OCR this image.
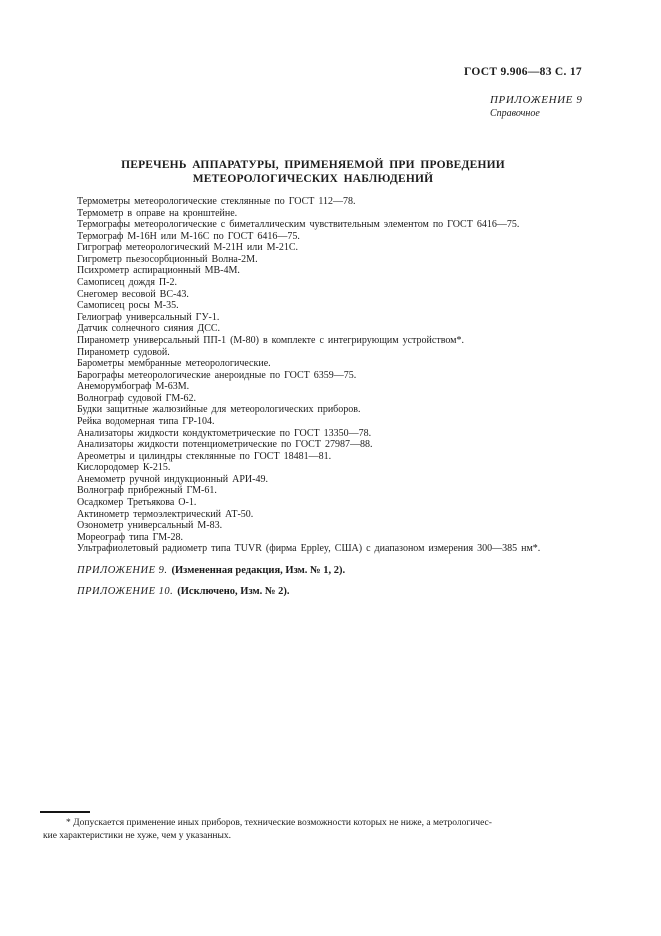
ГОСТ 9.906—83 С. 17
ПРИЛОЖЕНИЕ 9
Справочное
ПЕРЕЧЕНЬ АППАРАТУРЫ, ПРИМЕНЯЕМОЙ ПРИ ПРОВЕДЕНИИ
МЕТЕОРОЛОГИЧЕСКИХ НАБЛЮДЕНИЙ
Термометры метеорологические стеклянные по ГОСТ 112—78.
Термометр в оправе на кронштейне.
Термографы метеорологические с биметаллическим чувствительным элементом по ГОСТ 6416—75.
Термограф М-16Н или М-16С по ГОСТ 6416—75.
Гигрограф метеорологический М-21Н или М-21С.
Гигрометр пьезосорбционный Волна-2М.
Психрометр аспирационный МВ-4М.
Самописец дождя П-2.
Снегомер весовой ВС-43.
Самописец росы М-35.
Гелиограф универсальный ГУ-1.
Датчик солнечного сияния ДСС.
Пиранометр универсальный ПП-1 (М-80) в комплекте с интегрирующим устройством*.
Пиранометр судовой.
Барометры мембранные метеорологические.
Барографы метеорологические анероидные по ГОСТ 6359—75.
Анеморумбограф М-63М.
Волнограф судовой ГМ-62.
Будки защитные жалюзийные для метеорологических приборов.
Рейка водомерная типа ГР-104.
Анализаторы жидкости кондуктометрические по ГОСТ 13350—78.
Анализаторы жидкости потенциометрические по ГОСТ 27987—88.
Ареометры и цилиндры стеклянные по ГОСТ 18481—81.
Кислородомер К-215.
Анемометр ручной индукционный АРИ-49.
Волнограф прибрежный ГМ-61.
Осадкомер Третьякова О-1.
Актинометр термоэлектрический АТ-50.
Озонометр универсальный М-83.
Мореограф типа ГМ-28.
Ультрафиолетовый радиометр типа TUVR (фирма Eppley, США) с диапазоном измерения 300—385 нм*.
ПРИЛОЖЕНИЕ 9. (Измененная редакция, Изм. № 1, 2).
ПРИЛОЖЕНИЕ 10. (Исключено, Изм. № 2).
* Допускается применение иных приборов, технические возможности которых не ниже, а метрологичес-
кие характеристики не хуже, чем у указанных.
